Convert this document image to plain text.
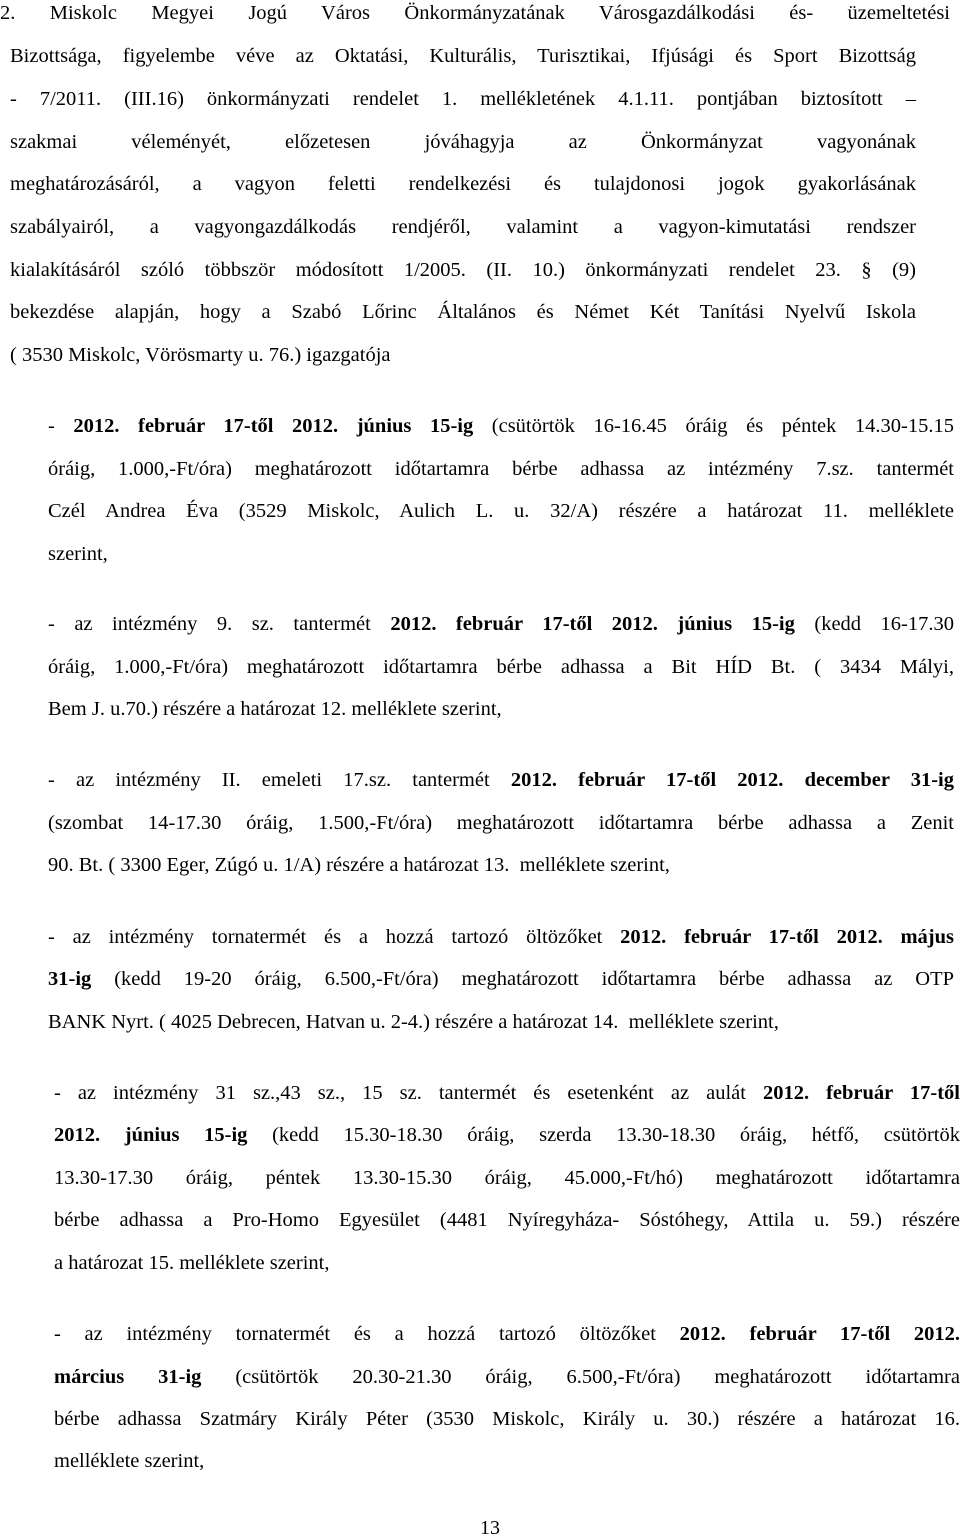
2. Miskolc Megyei Jogú Város Önkormányzatának Városgazdálkodási és- üzemeltetési
Bizottsága, figyelembe véve az Oktatási, Kulturális, Turisztikai, Ifjúsági és Sport Bizottság
- 7/2011. (III.16) önkormányzati rendelet 1. mellékletének 4.1.11. pontjában biztosított –
szakmai véleményét, előzetesen jóváhagyja az Önkormányzat vagyonának
meghatározásáról, a vagyon feletti rendelkezési és tulajdonosi jogok gyakorlásának
szabályairól, a vagyongazdálkodás rendjéről, valamint a vagyon-kimutatási rendszer
kialakításáról szóló többször módosított 1/2005. (II. 10.) önkormányzati rendelet 23. § (9)
bekezdése alapján, hogy a Szabó Lőrinc Általános és Német Két Tanítási Nyelvű Iskola
( 3530 Miskolc, Vörösmarty u. 76.) igazgatója
- 2012. február 17-től 2012. június 15-ig (csütörtök 16-16.45 óráig és péntek 14.30-15.15
óráig, 1.000,-Ft/óra) meghatározott időtartamra bérbe adhassa az intézmény 7.sz. tantermét
Czél Andrea Éva (3529 Miskolc, Aulich L. u. 32/A) részére a határozat 11. melléklete
szerint,
- az intézmény 9. sz. tantermét 2012. február 17-től 2012. június 15-ig (kedd 16-17.30
óráig, 1.000,-Ft/óra) meghatározott időtartamra bérbe adhassa a Bit HÍD Bt. ( 3434 Mályi,
Bem J. u.70.) részére a határozat 12. melléklete szerint,
- az intézmény II. emeleti 17.sz. tantermét 2012. február 17-től 2012. december 31-ig
(szombat 14-17.30 óráig, 1.500,-Ft/óra) meghatározott időtartamra bérbe adhassa a Zenit
90. Bt. ( 3300 Eger, Zúgó u. 1/A) részére a határozat 13.  melléklete szerint,
- az intézmény tornatermét és a hozzá tartozó öltözőket 2012. február 17-től 2012. május
31-ig (kedd 19-20 óráig, 6.500,-Ft/óra) meghatározott időtartamra bérbe adhassa az OTP
BANK Nyrt. ( 4025 Debrecen, Hatvan u. 2-4.) részére a határozat 14.  melléklete szerint,
- az intézmény 31 sz.,43 sz., 15 sz. tantermét és esetenként az aulát 2012. február 17-től
2012. június 15-ig (kedd 15.30-18.30 óráig, szerda 13.30-18.30 óráig, hétfő, csütörtök
13.30-17.30 óráig, péntek 13.30-15.30 óráig, 45.000,-Ft/hó) meghatározott időtartamra
bérbe adhassa a Pro-Homo Egyesület (4481 Nyíregyháza- Sóstóhegy, Attila u. 59.) részére
a határozat 15. melléklete szerint,
- az intézmény tornatermét és a hozzá tartozó öltözőket 2012. február 17-től 2012.
március 31-ig (csütörtök 20.30-21.30 óráig, 6.500,-Ft/óra) meghatározott időtartamra
bérbe adhassa Szatmáry Király Péter (3530 Miskolc, Király u. 30.) részére a határozat 16.
melléklete szerint,
13
